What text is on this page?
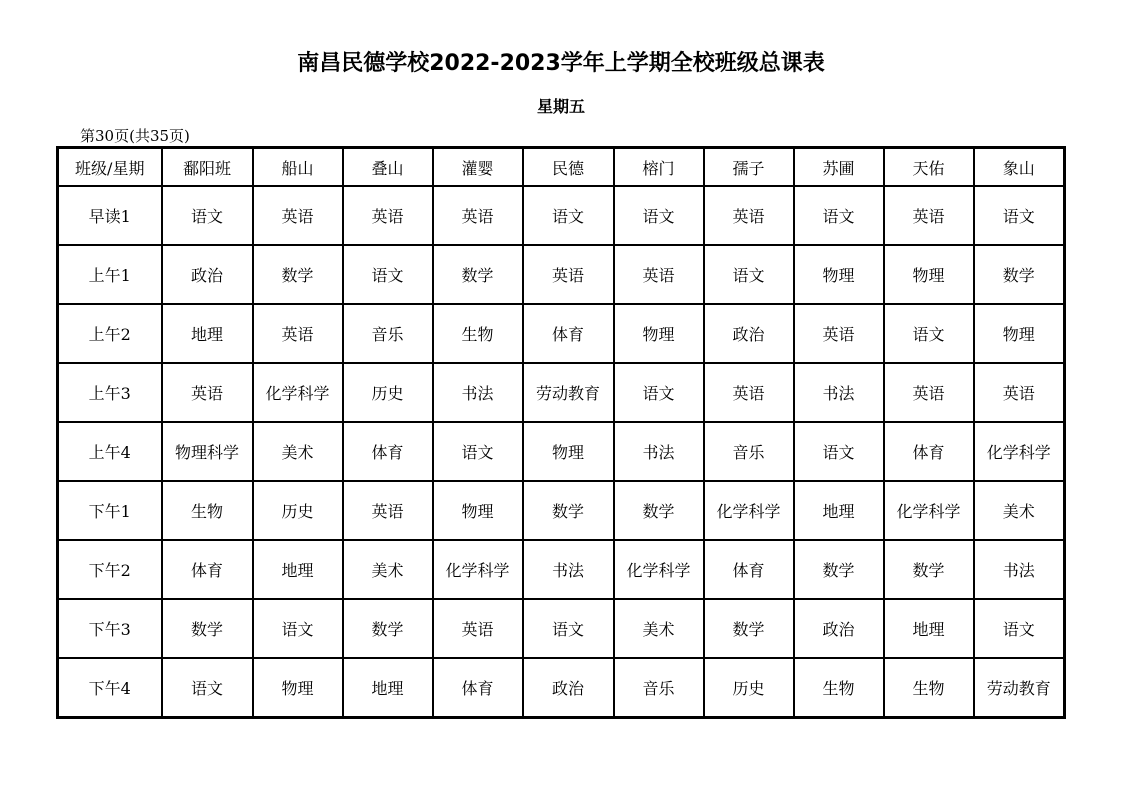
南昌民德学校2022-2023学年上学期全校班级总课表
星期五
第30页(共35页)
班级/星期	鄱阳班	船山	叠山	灌婴	民德	榕门	孺子	苏圃	天佑	象山
早读1	语文	英语	英语	英语	语文	语文	英语	语文	英语	语文
上午1	政治	数学	语文	数学	英语	英语	语文	物理	物理	数学
上午2	地理	英语	音乐	生物	体育	物理	政治	英语	语文	物理
上午3	英语	化学科学	历史	书法	劳动教育	语文	英语	书法	英语	英语
上午4	物理科学	美术	体育	语文	物理	书法	音乐	语文	体育	化学科学
下午1	生物	历史	英语	物理	数学	数学	化学科学	地理	化学科学	美术
下午2	体育	地理	美术	化学科学	书法	化学科学	体育	数学	数学	书法
下午3	数学	语文	数学	英语	语文	美术	数学	政治	地理	语文
下午4	语文	物理	地理	体育	政治	音乐	历史	生物	生物	劳动教育
